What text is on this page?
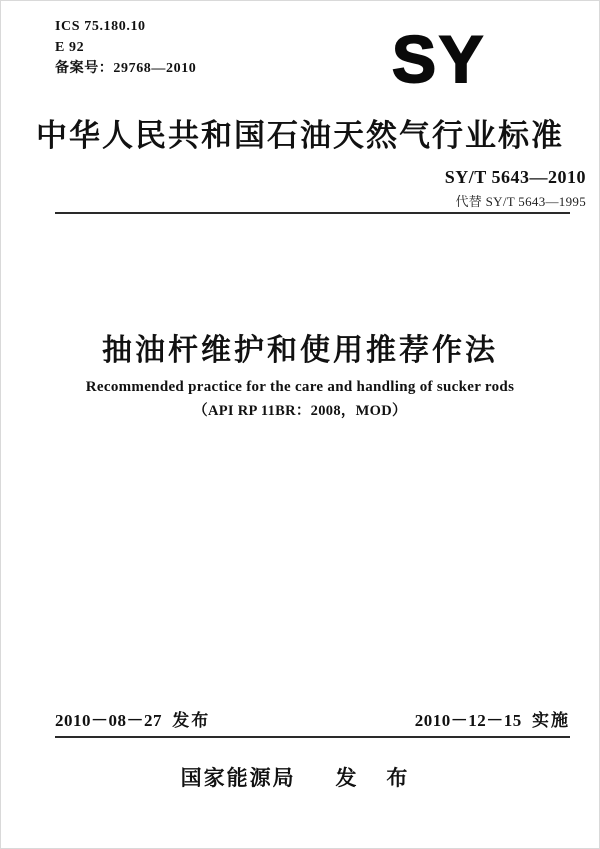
ICS 75.180.10
E 92
备案号：29768—2010	SY
中华人民共和国石油天然气行业标准
SY/T 5643—2010
代替 SY/T 5643—1995
抽油杆维护和使用推荐作法
Recommended practice for the care and handling of sucker rods
（API RP 11BR：2008，MOD）
2010－08－27 发布	2010－12－15 实施
国家能源局 发 布
